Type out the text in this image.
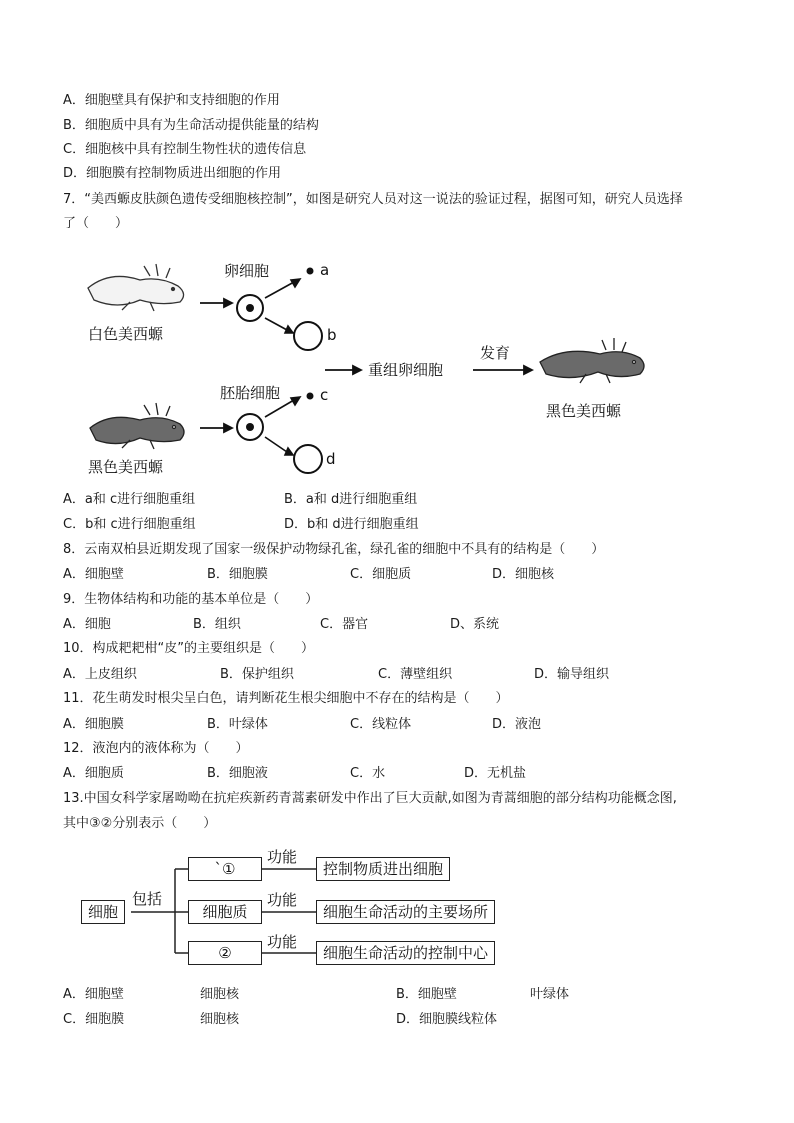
A．细胞壁具有保护和支持细胞的作用
B．细胞质中具有为生命活动提供能量的结构
C．细胞核中具有控制生物性状的遗传信息
D．细胞膜有控制物质进出细胞的作用
7．“美西螈皮肤颜色遗传受细胞核控制”，如图是研究人员对这一说法的验证过程，据图可知，研究人员选择
了（　　）
白色美西螈
黑色美西螈
卵细胞
胚胎细胞
a
b
c
d
重组卵细胞
发育
黑色美西螈
A．a和 c进行细胞重组	B．a和 d进行细胞重组
C．b和 c进行细胞重组	D．b和 d进行细胞重组
8．云南双柏县近期发现了国家一级保护动物绿孔雀，绿孔雀的细胞中不具有的结构是（　　）
A．细胞壁	B．细胞膜	C．细胞质	D．细胞核
9．生物体结构和功能的基本单位是（　　）
A．细胞	B．组织	C．器官	D、系统
10．构成耙耙柑“皮”的主要组织是（　　）
A．上皮组织	B．保护组织	C．薄壁组织	D．输导组织
11．花生萌发时根尖呈白色，请判断花生根尖细胞中不存在的结构是（　　）
A．细胞膜	B．叶绿体	C．线粒体	D．液泡
12．液泡内的液体称为（　　）
A．细胞质	B．细胞液	C．水	D．无机盐
13.中国女科学家屠呦呦在抗疟疾新药青蒿素研发中作出了巨大贡献,如图为青蒿细胞的部分结构功能概念图,
其中③②分别表示（　　）
细胞
包括
`①
细胞质
②
功能
功能
功能
控制物质进出细胞
细胞生命活动的主要场所
细胞生命活动的控制中心
A．细胞壁	细胞核	B．细胞壁	叶绿体
C．细胞膜	细胞核	D．细胞膜线粒体
